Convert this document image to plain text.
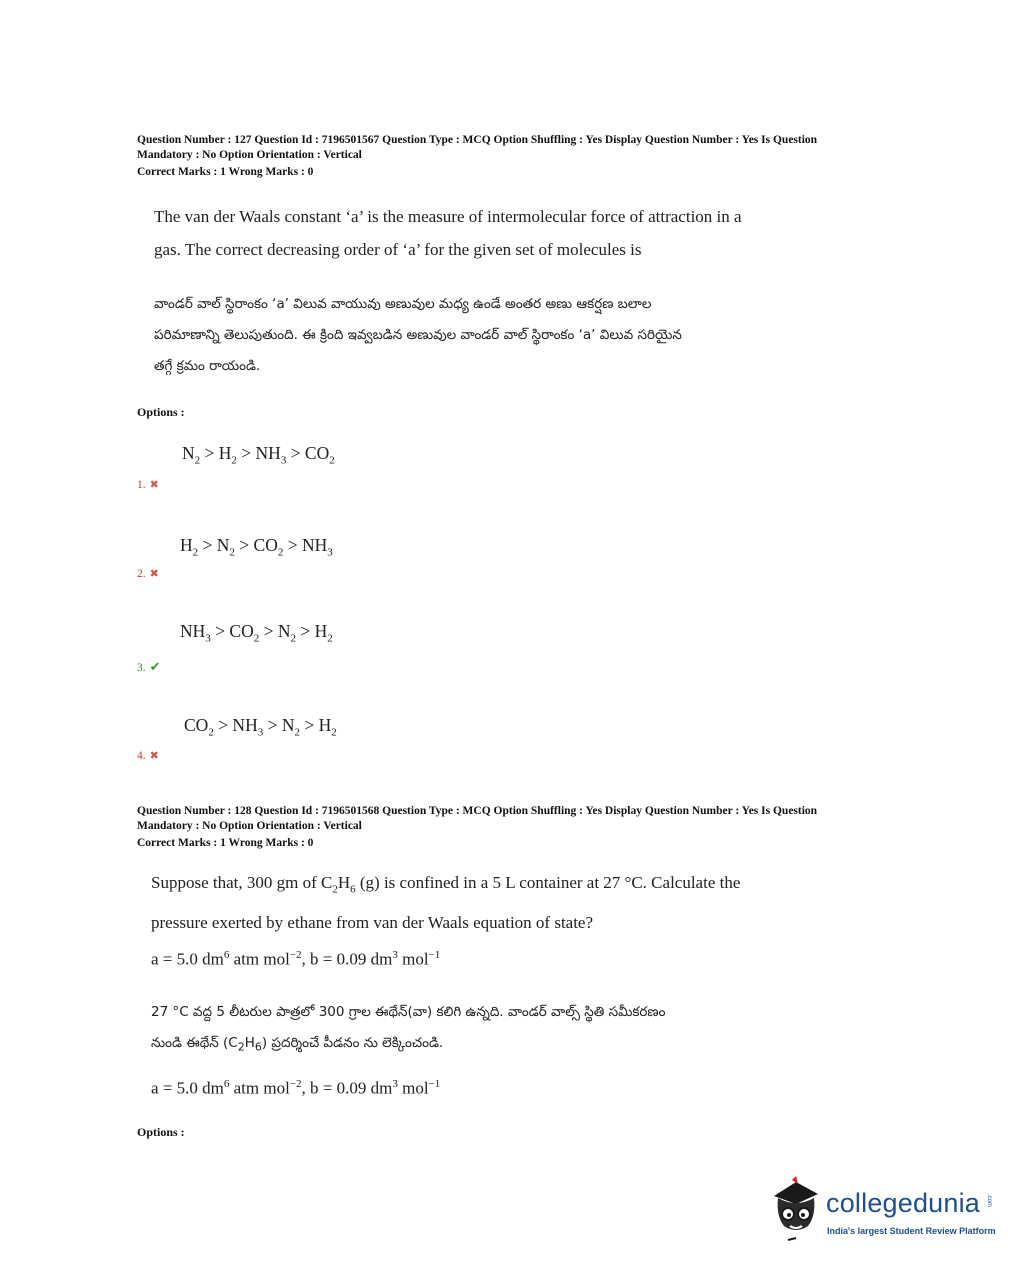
Question Number : 127 Question Id : 7196501567 Question Type : MCQ Option Shuffling : Yes Display Question Number : Yes Is Question
Mandatory : No Option Orientation : Vertical
Correct Marks : 1 Wrong Marks : 0
The van der Waals constant ‘a’ is the measure of intermolecular force of attraction in a
gas. The correct decreasing order of ‘a’ for the given set of molecules is
వాండర్ వాల్ స్థిరాంకం ‘a’ విలువ వాయువు అణువుల మధ్య ఉండే అంతర అణు ఆకర్షణ బలాల
పరిమాణాన్ని తెలుపుతుంది. ఈ క్రింది ఇవ్వబడిన అణువుల వాండర్ వాల్ స్థిరాంకం ‘a’ విలువ సరియైన
తగ్గే క్రమం రాయండి.
Options :
$N_2 > H_2 > NH_3 > CO_2$
1. ✖
$H_2 > N_2 > CO_2 > NH_3$
2. ✖
$NH_3 > CO_2 > N_2 > H_2$
3. ✔
$CO_2 > NH_3 > N_2 > H_2$
4. ✖
Question Number : 128 Question Id : 7196501568 Question Type : MCQ Option Shuffling : Yes Display Question Number : Yes Is Question
Mandatory : No Option Orientation : Vertical
Correct Marks : 1 Wrong Marks : 0
Suppose that, 300 gm of $C_2H_6$ (g) is confined in a 5 L container at 27 °C. Calculate the
pressure exerted by ethane from van der Waals equation of state?
a = 5.0 $dm^6$ atm mol$^{-2}$, b = 0.09 $dm^3$ mol$^{-1}$
27 °C వద్ద 5 లీటరుల పాత్రలో 300 గ్రాల ఈథేన్(వా) కలిగి ఉన్నది. వాండర్ వాల్స్ స్థితి సమీకరణం
నుండి ఈథేన్ $(C_2H_6)$ ప్రదర్శించే పీడనం ను లెక్కించండి.
a = 5.0 $dm^6$ atm mol$^{-2}$, b = 0.09 $dm^3$ mol$^{-1}$
Options :
collegedunia .com
India's largest Student Review Platform
